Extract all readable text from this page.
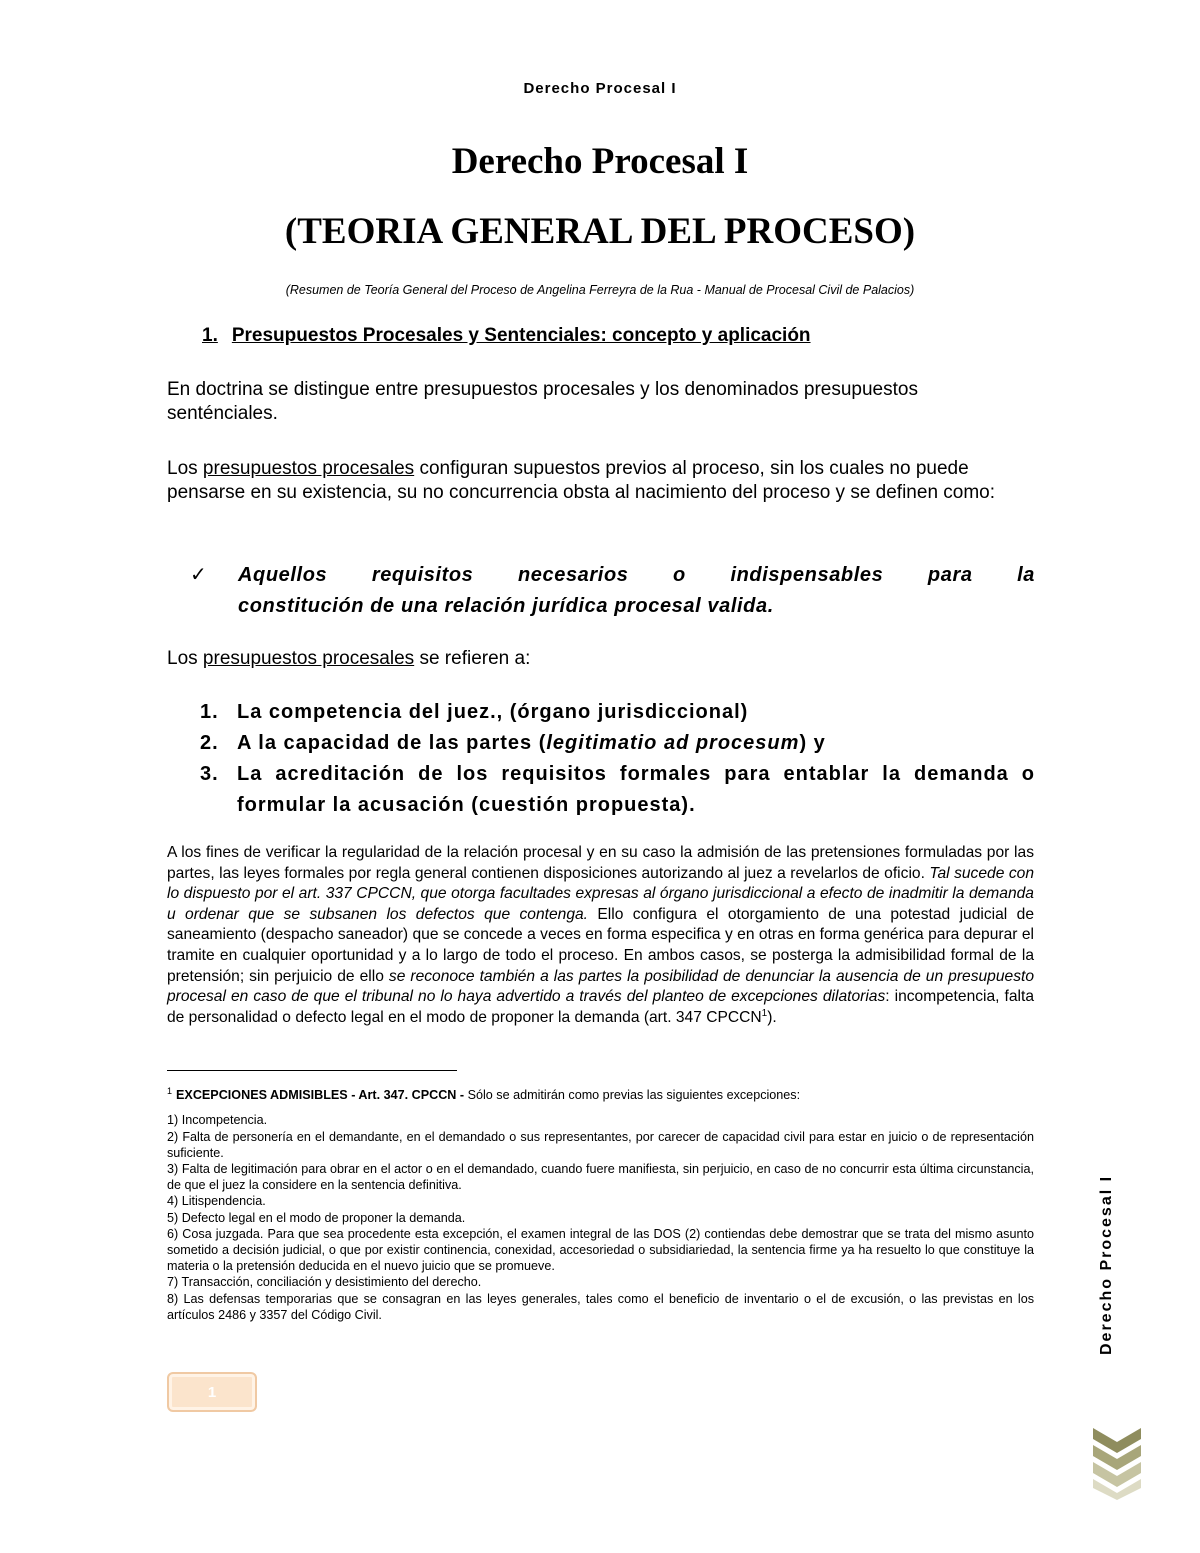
Derecho Procesal I
Derecho Procesal I
(TEORIA GENERAL DEL PROCESO)
(Resumen de Teoría General del Proceso de Angelina Ferreyra de la Rua - Manual de Procesal Civil de Palacios)
1. Presupuestos Procesales y Sentenciales: concepto y aplicación

En doctrina se distingue entre presupuestos procesales y los denominados presupuestos senténciales.

Los presupuestos procesales configuran supuestos previos al proceso, sin los cuales no puede pensarse en su existencia, su no concurrencia obsta al nacimiento del proceso y se definen como:

✓ Aquellos requisitos necesarios o indispensables para la
constitución de una relación jurídica procesal valida.

Los presupuestos procesales se refieren a:

1. La competencia del juez., (órgano jurisdiccional)
2. A la capacidad de las partes (legitimatio ad procesum) y
3. La acreditación de los requisitos formales para entablar la demanda o formular la acusación (cuestión propuesta).

A los fines de verificar la regularidad de la relación procesal y en su caso la admisión de las pretensiones formuladas por las partes, las leyes formales por regla general contienen disposiciones autorizando al juez a revelarlos de oficio. Tal sucede con lo dispuesto por el art. 337 CPCCN, que otorga facultades expresas al órgano jurisdiccional a efecto de inadmitir la demanda u ordenar que se subsanen los defectos que contenga. Ello configura el otorgamiento de una potestad judicial de saneamiento (despacho saneador) que se concede a veces en forma especifica y en otras en forma genérica para depurar el tramite en cualquier oportunidad y a lo largo de todo el proceso. En ambos casos, se posterga la admisibilidad formal de la pretensión; sin perjuicio de ello se reconoce también a las partes la posibilidad de denunciar la ausencia de un presupuesto procesal en caso de que el tribunal no lo haya advertido a través del planteo de excepciones dilatorias: incompetencia, falta de personalidad o defecto legal en el modo de proponer la demanda (art. 347 CPCCN$^1$).

$^1$ EXCEPCIONES ADMISIBLES - Art. 347. CPCCN - Sólo se admitirán como previas las siguientes excepciones:

1) Incompetencia.

2) Falta de personería en el demandante, en el demandado o sus representantes, por carecer de capacidad civil para estar en juicio o de representación suficiente.

3) Falta de legitimación para obrar en el actor o en el demandado, cuando fuere manifiesta, sin perjuicio, en caso de no concurrir esta última circunstancia, de que el juez la considere en la sentencia definitiva.

4) Litispendencia.

5) Defecto legal en el modo de proponer la demanda.

6) Cosa juzgada. Para que sea procedente esta excepción, el examen integral de las DOS (2) contiendas debe demostrar que se trata del mismo asunto sometido a decisión judicial, o que por existir continencia, conexidad, accesoriedad o subsidiariedad, la sentencia firme ya ha resuelto lo que constituye la materia o la pretensión deducida en el nuevo juicio que se promueve.

7) Transacción, conciliación y desistimiento del derecho.

8) Las defensas temporarias que se consagran en las leyes generales, tales como el beneficio de inventario o el de excusión, o las previstas en los artículos 2486 y 3357 del Código Civil.

1
Derecho Procesal I
